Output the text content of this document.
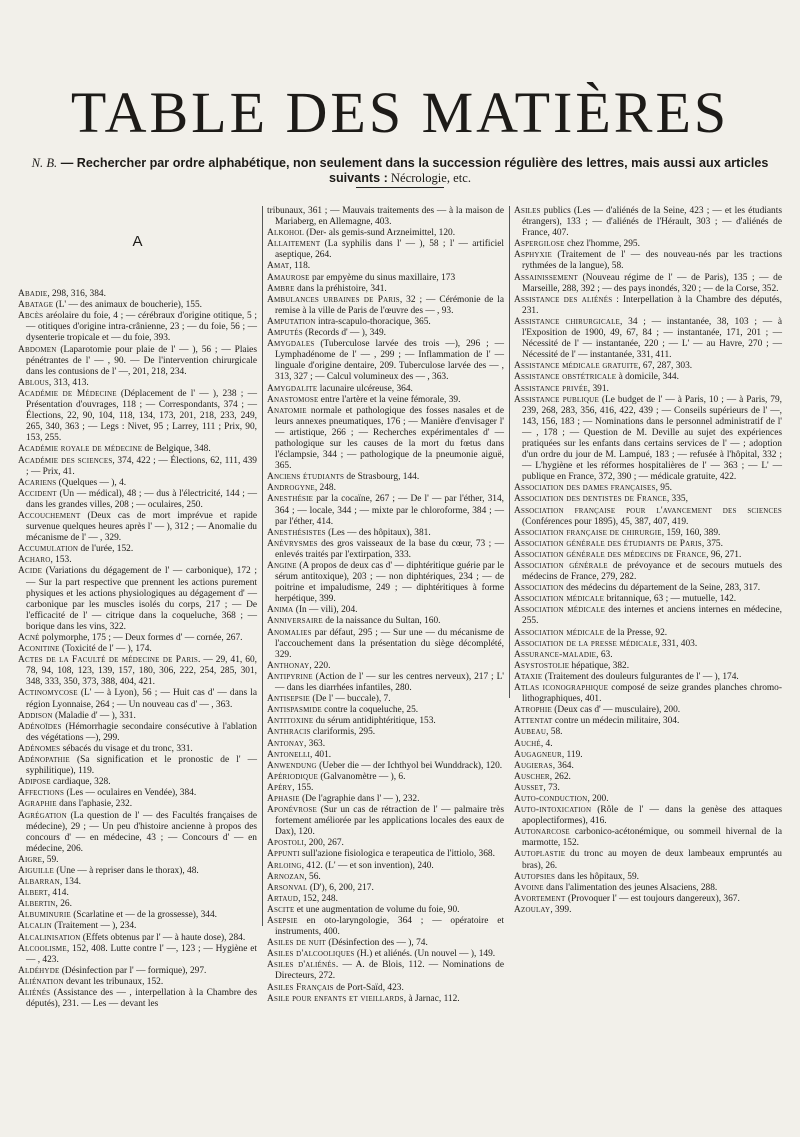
TABLE DES MATIÈRES
N. B. — Rechercher par ordre alphabétique, non seulement dans la succession régulière des lettres, mais aussi aux articles suivants : Nécrologie, etc.
A

Abadie, 298, 316, 384.

Abatage (L' — des animaux de boucherie), 155.

Abcès aréolaire du foie, 4 ; — cérébraux d'origine otitique, 5 ; — otitiques d'origine intra-crânienne, 23 ; — du foie, 56 ; — dysenterie tropicale et — du foie, 393.

Abdomen (Laparotomie pour plaie de l' — ), 56 ; — Plaies pénétrantes de l' — , 90. — De l'intervention chirurgicale dans les contusions de l' —, 201, 218, 234.

Ablous, 313, 413.

Académie de Médecine (Déplacement de l' — ), 238 ; — Présentation d'ouvrages, 118 ; — Correspondants, 374 ; — Élections, 22, 90, 104, 118, 134, 173, 201, 218, 233, 249, 265, 340, 363 ; — Legs : Nivet, 95 ; Larrey, 111 ; Prix, 90, 153, 255.

Académie royale de médecine de Belgique, 348.

Académie des sciences, 374, 422 ; — Élections, 62, 111, 439 ; — Prix, 41.

Acariens (Quelques — ), 4.

Accident (Un — médical), 48 ; — dus à l'électricité, 144 ; — dans les grandes villes, 208 ; — oculaires, 250.

Accouchement (Deux cas de mort imprévue et rapide survenue quelques heures après l' — ), 312 ; — Anomalie du mécanisme de l' — , 329.

Accumulation de l'urée, 152.

Acharo, 153.

Acide (Variations du dégagement de l' — carbonique), 172 ; — Sur la part respective que prennent les actions purement physiques et les actions physiologiques au dégagement d' — carbonique par les muscles isolés du corps, 217 ; — De l'efficacité de l' — citrique dans la coqueluche, 368 ; — borique dans les vins, 322.

Acné polymorphe, 175 ; — Deux formes d' — cornée, 267.

Aconitine (Toxicité de l' — ), 174.

Actes de la Faculté de médecine de Paris. — 29, 41, 60, 78, 94, 108, 123, 139, 157, 180, 306, 222, 254, 285, 301, 348, 333, 350, 373, 388, 404, 421.

Actinomycose (L' — à Lyon), 56 ; — Huit cas d' — dans la région Lyonnaise, 264 ; — Un nouveau cas d' — , 363.

Addison (Maladie d' — ), 331.

Adénoïdes (Hémorrhagie secondaire consécutive à l'ablation des végétations —), 299.

Adénomes sébacés du visage et du tronc, 331.

Adénopathie (Sa signification et le pronostic de l' — syphilitique), 119.

Adipose cardiaque, 328.

Affections (Les — oculaires en Vendée), 384.

Agraphie dans l'aphasie, 232.

Agrégation (La question de l' — des Facultés françaises de médecine), 29 ; — Un peu d'histoire ancienne à propos des concours d' — en médecine, 43 ; — Concours d' — en médecine, 206.

Aigre, 59.

Aiguille (Une — à repriser dans le thorax), 48.

Albarran, 134.

Albert, 414.

Albertin, 26.

Albuminurie (Scarlatine et — de la grossesse), 344.

Alcalin (Traitement — ), 234.

Alcalinisation (Effets obtenus par l' — à haute dose), 284.

Alcoolisme, 152, 408. Lutte contre l' —, 123 ; — Hygiène et — , 423.

Aldéhyde (Désinfection par l' — formique), 297.

Aliénation devant les tribunaux, 152.

Aliénés (Assistance des — , interpellation à la Chambre des députés), 231. — Les — devant les

tribunaux, 361 ; — Mauvais traitements des — à la maison de Mariaberg, en Allemagne, 403.

Alkohol (Der- als gemis-sund Arzneimittel, 120.

Allaitement (La syphilis dans l' — ), 58 ; l' — artificiel aseptique, 264.

Amat, 118.

Amaurose par empyème du sinus maxillaire, 173

Ambre dans la préhistoire, 341.

Ambulances urbaines de Paris, 32 ; — Cérémonie de la remise à la ville de Paris de l'œuvre des — , 93.

Amputation intra-scapulo-thoracique, 365.

Amputés (Records d' — ), 349.

Amygdales (Tuberculose larvée des trois —), 296 ; — Lymphadénome de l' — , 299 ; — Inflammation de l' — linguale d'origine dentaire, 209. Tuberculose larvée des — , 313, 327 ; — Calcul volumineux des — , 363.

Amygdalite lacunaire ulcéreuse, 364.

Anastomose entre l'artère et la veine fémorale, 39.

Anatomie normale et pathologique des fosses nasales et de leurs annexes pneumatiques, 176 ; — Manière d'envisager l' — artistique, 266 ; — Recherches expérimentales d' — pathologique sur les causes de la mort du fœtus dans l'éclampsie, 344 ; — pathologique de la pneumonie aiguë, 365.

Anciens étudiants de Strasbourg, 144.

Androgyne, 248.

Anesthésie par la cocaïne, 267 ; — De l' — par l'éther, 314, 364 ; — locale, 344 ; — mixte par le chloroforme, 384 ; — par l'éther, 414.

Anesthésistes (Les — des hôpitaux), 381.

Anévrysmes des gros vaisseaux de la base du cœur, 73 ; — enlevés traités par l'extirpation, 333.

Angine (A propos de deux cas d' — diphtéritique guérie par le sérum antitoxique), 203 ; — non diphtériques, 234 ; — de poitrine et impaludisme, 249 ; — diphtéritiques à forme herpétique, 399.

Anima (In — vili), 204.

Anniversaire de la naissance du Sultan, 160.

Anomalies par défaut, 295 ; — Sur une — du mécanisme de l'accouchement dans la présentation du siège décomplété, 329.

Anthonay, 220.

Antipyrine (Action de l' — sur les centres nerveux), 217 ; L' — dans les diarrhées infantiles, 280.

Antisepsie (De l' — buccale), 7.

Antispasmide contre la coqueluche, 25.

Antitoxine du sérum antidiphtéritique, 153.

Anthracis clariformis, 295.

Antonay, 363.

Antonelli, 401.

Anwendung (Ueber die — der Ichthyol bei Wunddrack), 120.

Apériodique (Galvanomètre — ), 6.

Apéry, 155.

Aphasie (De l'agraphie dans l' — ), 232.

Aponévrose (Sur un cas de rétraction de l' — palmaire très fortement améliorée par les applications locales des eaux de Dax), 120.

Apostoli, 200, 267.

Appunti sull'azione fisiologica e terapeutica de l'ittiolo, 368.

Arloing, 412. (L' — et son invention), 240.

Arnozan, 56.

Arsonval (D'), 6, 200, 217.

Artaud, 152, 248.

Ascite et une augmentation de volume du foie, 90.

Asepsie en oto-laryngologie, 364 ; — opératoire et instruments, 400.

Asiles de nuit (Désinfection des — ), 74.

Asiles d'alcooliques (H.) et aliénés. (Un nouvel — ), 149.

Asiles d'aliénés. — A. de Blois, 112. — Nominations de Directeurs, 272.

Asiles Français de Port-Saïd, 423.

Asile pour enfants et vieillards, à Jarnac, 112.

Asiles publics (Les — d'aliénés de la Seine, 423 ; — et les étudiants étrangers), 133 ; — d'aliénés de l'Hérault, 303 ; — d'aliénés de France, 407.

Aspergilose chez l'homme, 295.

Asphyxie (Traitement de l' — des nouveau-nés par les tractions rythmées de la langue), 58.

Assainissement (Nouveau régime de l' — de Paris), 135 ; — de Marseille, 288, 392 ; — des pays inondés, 320 ; — de la Corse, 352.

Assistance des aliénés : Interpellation à la Chambre des députés, 231.

Assistance chirurgicale, 34 ; — instantanée, 38, 103 ; — à l'Exposition de 1900, 49, 67, 84 ; — instantanée, 171, 201 ; — Nécessité de l' — instantanée, 220 ; — L' — au Havre, 270 ; — Nécessité de l' — instantanée, 331, 411.

Assistance médicale gratuite, 67, 287, 303.

Assistance obstétricale à domicile, 344.

Assistance privée, 391.

Assistance publique (Le budget de l' — à Paris, 10 ; — à Paris, 79, 239, 268, 283, 356, 416, 422, 439 ; — Conseils supérieurs de l' —, 143, 156, 183 ; — Nominations dans le personnel administratif de l' — , 178 ; — Question de M. Deville au sujet des expériences pratiquées sur les enfants dans certains services de l' — ; adoption d'un ordre du jour de M. Lampué, 183 ; — refusée à l'hôpital, 332 ; — L'hygiène et les réformes hospitalières de l' — 363 ; — L' — publique en France, 372, 390 ; — médicale gratuite, 422.

Association des dames françaises, 95.

Association des dentistes de France, 335,

Association française pour l'avancement des sciences (Conférences pour 1895), 45, 387, 407, 419.

Association française de chirurgie, 159, 160, 389.

Association générale des étudiants de Paris, 375.

Association générale des médecins de France, 96, 271.

Association générale de prévoyance et de secours mutuels des médecins de France, 279, 282.

Association des médecins du département de la Seine, 283, 317.

Association médicale britannique, 63 ; — mutuelle, 142.

Association médicale des internes et anciens internes en médecine, 255.

Association médicale de la Presse, 92.

Association de la presse médicale, 331, 403.

Assurance-maladie, 63.

Asystostolie hépatique, 382.

Ataxie (Traitement des douleurs fulgurantes de l' — ), 174.

Atlas iconographique composé de seize grandes planches chromo-lithographiques, 401.

Atrophie (Deux cas d' — musculaire), 200.

Attentat contre un médecin militaire, 304.

Aubeau, 58.

Auché, 4.

Augagneur, 119.

Augieras, 364.

Auscher, 262.

Ausset, 73.

Auto-conduction, 200.

Auto-intoxication (Rôle de l' — dans la genèse des attaques apoplectiformes), 416.

Autonarcose carbonico-acétonémique, ou sommeil hivernal de la marmotte, 152.

Autoplastie du tronc au moyen de deux lambeaux empruntés au bras), 26.

Autopsies dans les hôpitaux, 59.

Avoine dans l'alimentation des jeunes Alsaciens, 288.

Avortement (Provoquer l' — est toujours dangereux), 367.

Azoulay, 399.
